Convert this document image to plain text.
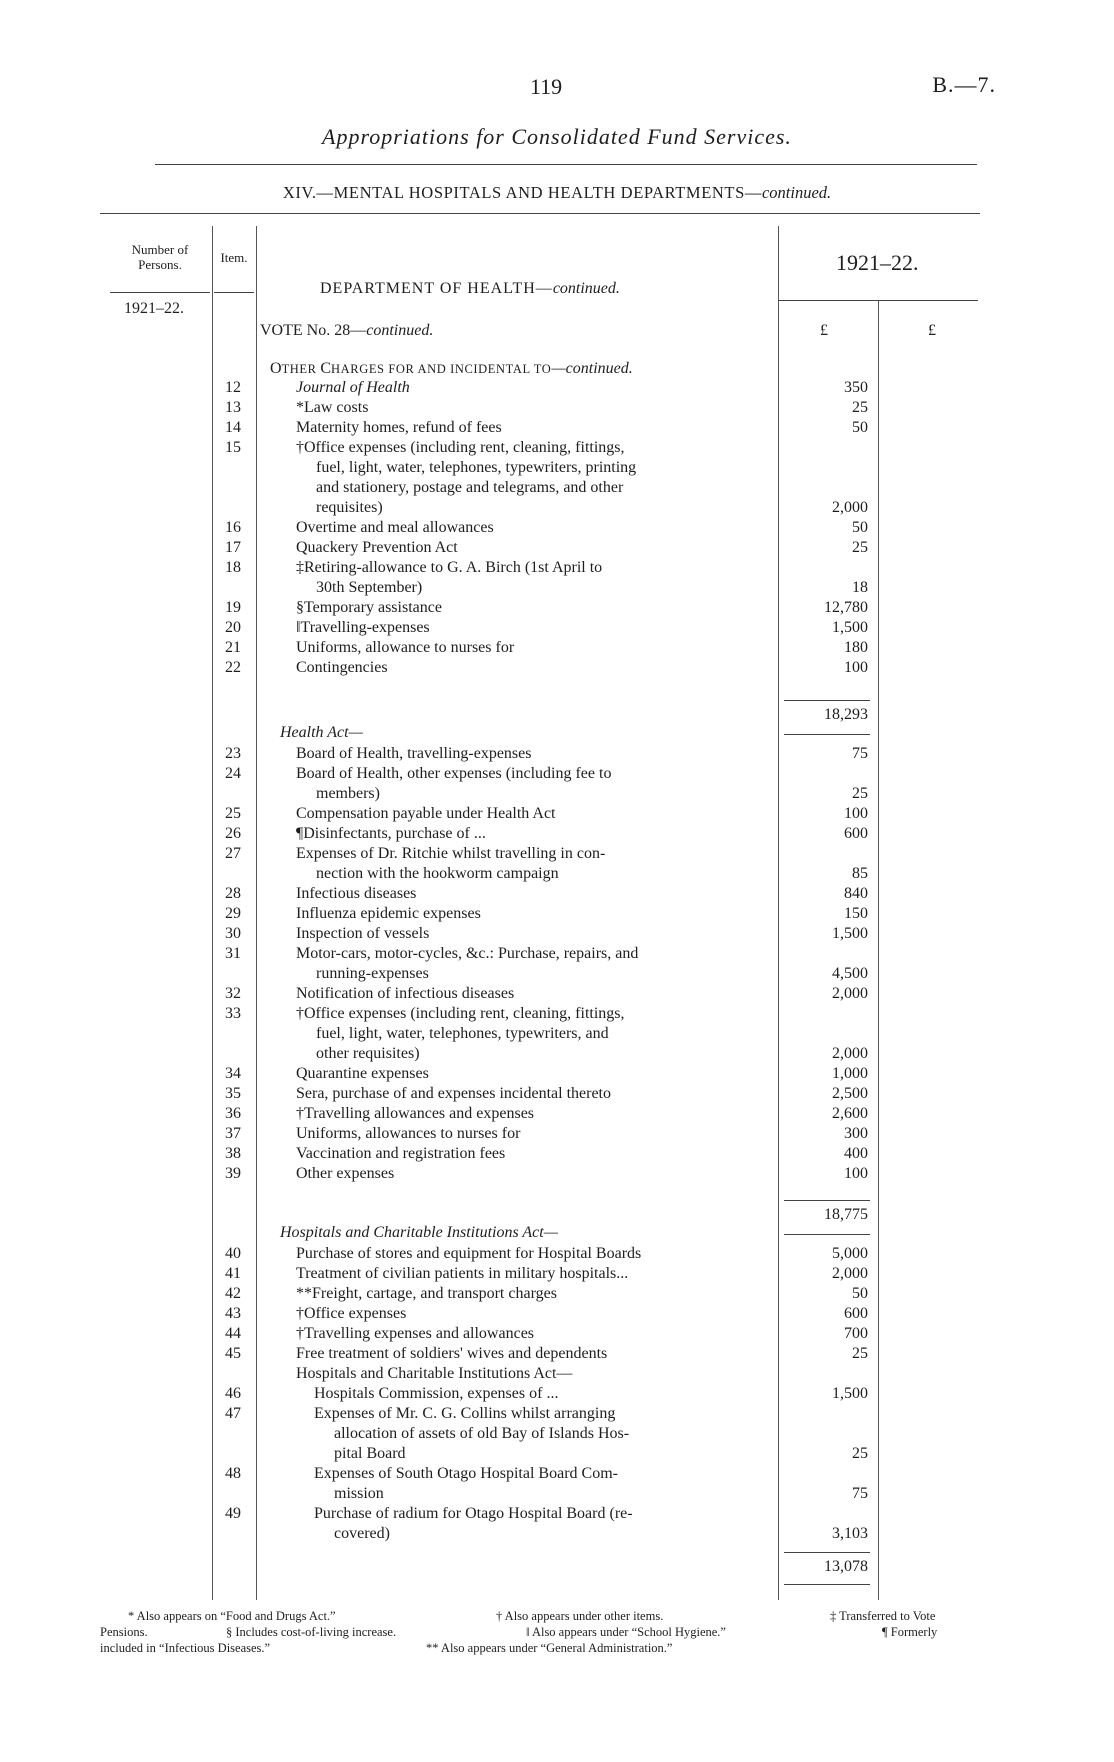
119	B.—7.
Appropriations for Consolidated Fund Services.
XIV.—MENTAL HOSPITALS AND HEALTH DEPARTMENTS—continued.
Number of Persons.	Item.
1921–22.
1921–22.
DEPARTMENT OF HEALTH—continued.
VOTE No. 28—continued.	£	£
OTHER CHARGES FOR AND INCIDENTAL TO—continued.
12	Journal of Health	350
13	*Law costs	25
14	Maternity homes, refund of fees	50
15	†Office expenses (including rent, cleaning, fittings,
fuel, light, water, telephones, typewriters, printing
and stationery, postage and telegrams, and other
requisites)	2,000
16	Overtime and meal allowances	50
17	Quackery Prevention Act	25
18	‡Retiring-allowance to G. A. Birch (1st April to
30th September)	18
19	§Temporary assistance	12,780
20	‖Travelling-expenses	1,500
21	Uniforms, allowance to nurses for	180
22	Contingencies	100
18,293
Health Act—
23	Board of Health, travelling-expenses	75
24	Board of Health, other expenses (including fee to
members)	25
25	Compensation payable under Health Act	100
26	¶Disinfectants, purchase of ...	600
27	Expenses of Dr. Ritchie whilst travelling in con-
nection with the hookworm campaign	85
28	Infectious diseases	840
29	Influenza epidemic expenses	150
30	Inspection of vessels	1,500
31	Motor-cars, motor-cycles, &c.: Purchase, repairs, and
running-expenses	4,500
32	Notification of infectious diseases	2,000
33	†Office expenses (including rent, cleaning, fittings,
fuel, light, water, telephones, typewriters, and
other requisites)	2,000
34	Quarantine expenses	1,000
35	Sera, purchase of and expenses incidental thereto	2,500
36	†Travelling allowances and expenses	2,600
37	Uniforms, allowances to nurses for	300
38	Vaccination and registration fees	400
39	Other expenses	100
18,775
Hospitals and Charitable Institutions Act—
40	Purchase of stores and equipment for Hospital Boards	5,000
41	Treatment of civilian patients in military hospitals...	2,000
42	**Freight, cartage, and transport charges	50
43	†Office expenses	600
44	†Travelling expenses and allowances	700
45	Free treatment of soldiers' wives and dependents	25
Hospitals and Charitable Institutions Act—
46	Hospitals Commission, expenses of ...	1,500
47	Expenses of Mr. C. G. Collins whilst arranging
allocation of assets of old Bay of Islands Hos-
pital Board	25
48	Expenses of South Otago Hospital Board Com-
mission	75
49	Purchase of radium for Otago Hospital Board (re-
covered)	3,103
13,078
* Also appears on “Food and Drugs Act.”	† Also appears under other items.	‡ Transferred to Vote
Pensions.	§ Includes cost-of-living increase.	‖ Also appears under “School Hygiene.”	¶ Formerly
included in “Infectious Diseases.”	** Also appears under “General Administration.”
